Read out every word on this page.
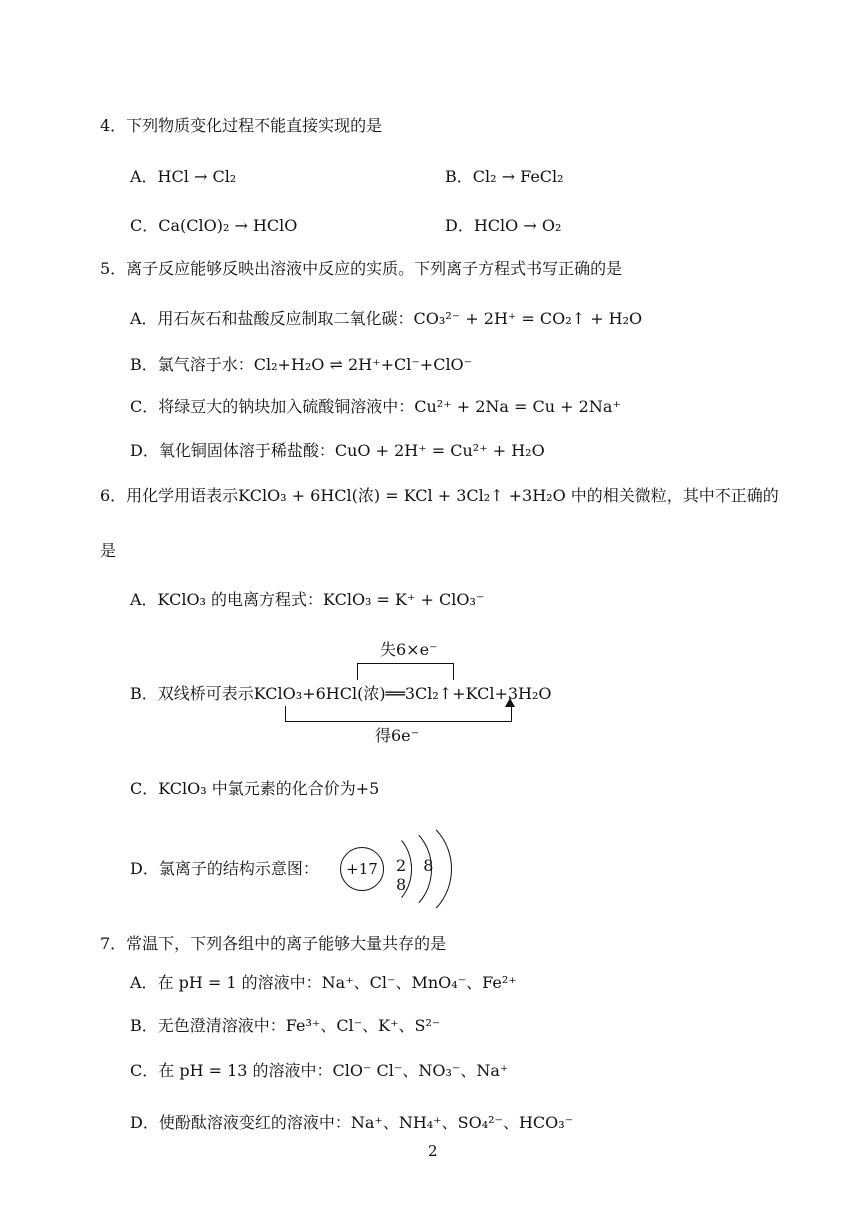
4．下列物质变化过程不能直接实现的是
A．HCl → Cl₂	B．Cl₂ → FeCl₂
C．Ca(ClO)₂ → HClO	D．HClO → O₂
5．离子反应能够反映出溶液中反应的实质。下列离子方程式书写正确的是
A．用石灰石和盐酸反应制取二氧化碳：CO₃²⁻ + 2H⁺ = CO₂↑ + H₂O
B．氯气溶于水：Cl₂+H₂O ⇌ 2H⁺+Cl⁻+ClO⁻
C．将绿豆大的钠块加入硫酸铜溶液中：Cu²⁺ + 2Na = Cu + 2Na⁺
D．氧化铜固体溶于稀盐酸：CuO + 2H⁺ = Cu²⁺ + H₂O
6．用化学用语表示KClO₃ + 6HCl(浓) = KCl + 3Cl₂↑ +3H₂O 中的相关微粒，其中不正确的
是
A．KClO₃ 的电离方程式：KClO₃ = K⁺ + ClO₃⁻
失6×e⁻
B．双线桥可表示KClO₃+6HCl(浓)══3Cl₂↑+KCl+3H₂O
得6e⁻
C．KClO₃ 中氯元素的化合价为+5
D．氯离子的结构示意图：	+17	2 8 8
7．常温下，下列各组中的离子能够大量共存的是
A．在 pH = 1 的溶液中：Na⁺、Cl⁻、MnO₄⁻、Fe²⁺
B．无色澄清溶液中：Fe³⁺、Cl⁻、K⁺、S²⁻
C．在 pH = 13 的溶液中：ClO⁻ Cl⁻、NO₃⁻、Na⁺
D．使酚酞溶液变红的溶液中：Na⁺、NH₄⁺、SO₄²⁻、HCO₃⁻
2
